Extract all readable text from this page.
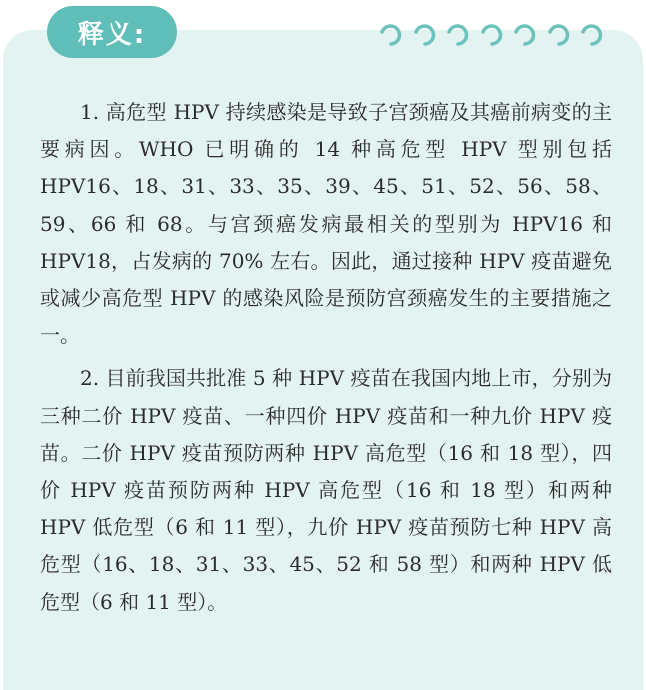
释义:

1. 高危型 HPV 持续感染是导致子宫颈癌及其癌前病变的主要病因。WHO 已明确的 14 种高危型 HPV 型别包括 HPV16、18、31、33、35、39、45、51、52、56、58、59、66 和 68。与宫颈癌发病最相关的型别为 HPV16 和 HPV18，占发病的 70% 左右。因此，通过接种 HPV 疫苗避免或减少高危型 HPV 的感染风险是预防宫颈癌发生的主要措施之一。

2. 目前我国共批准 5 种 HPV 疫苗在我国内地上市，分别为三种二价 HPV 疫苗、一种四价 HPV 疫苗和一种九价 HPV 疫苗。二价 HPV 疫苗预防两种 HPV 高危型（16 和 18 型），四价 HPV 疫苗预防两种 HPV 高危型（16 和 18 型）和两种 HPV 低危型（6 和 11 型），九价 HPV 疫苗预防七种 HPV 高危型（16、18、31、33、45、52 和 58 型）和两种 HPV 低危型（6 和 11 型）。
